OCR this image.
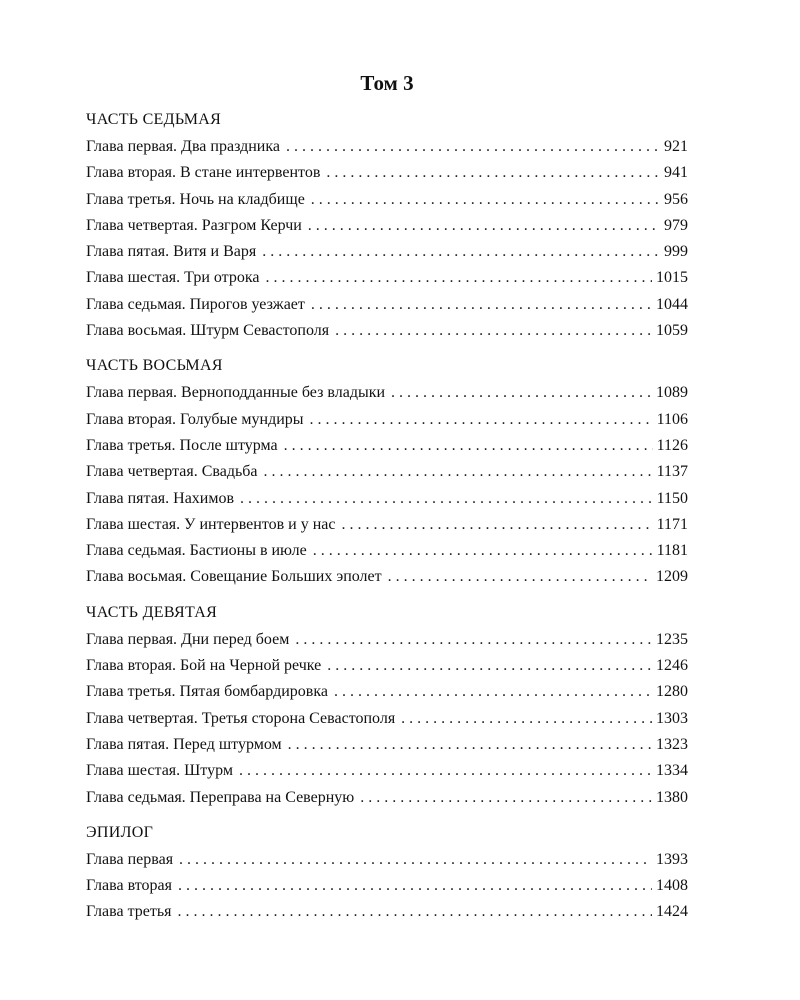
Том 3
ЧАСТЬ СЕДЬМАЯ
Глава первая. Два праздника . . .	921
Глава вторая. В стане интервентов . . .	941
Глава третья. Ночь на кладбище . . .	956
Глава четвертая. Разгром Керчи . . .	979
Глава пятая. Витя и Варя . . .	999
Глава шестая. Три отрока . . .	1015
Глава седьмая. Пирогов уезжает . . .	1044
Глава восьмая. Штурм Севастополя . . .	1059
ЧАСТЬ ВОСЬМАЯ
Глава первая. Верноподданные без владыки . . .	1089
Глава вторая. Голубые мундиры . . .	1106
Глава третья. После штурма . . .	1126
Глава четвертая. Свадьба . . .	1137
Глава пятая. Нахимов . . .	1150
Глава шестая. У интервентов и у нас . . .	1171
Глава седьмая. Бастионы в июле . . .	1181
Глава восьмая. Совещание Больших эполет . . .	1209
ЧАСТЬ ДЕВЯТАЯ
Глава первая. Дни перед боем . . .	1235
Глава вторая. Бой на Черной речке . . .	1246
Глава третья. Пятая бомбардировка . . .	1280
Глава четвертая. Третья сторона Севастополя . . .	1303
Глава пятая. Перед штурмом . . .	1323
Глава шестая. Штурм . . .	1334
Глава седьмая. Переправа на Северную . . .	1380
ЭПИЛОГ
Глава первая . . .	1393
Глава вторая . . .	1408
Глава третья . . .	1424
